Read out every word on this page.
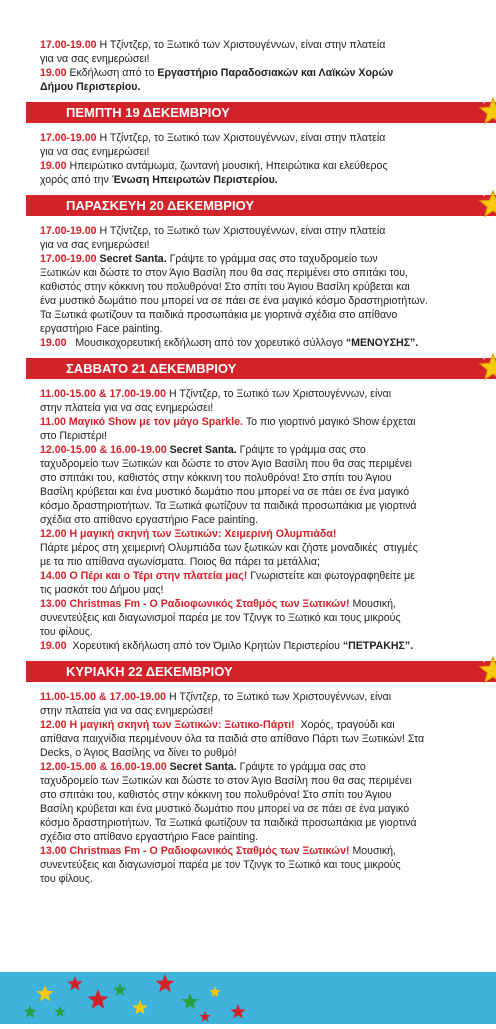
17.00-19.00 Η Τζίντζερ, το Ξωτικό των Χριστουγέννων, είναι στην πλατεία

για να σας ενημερώσει!

19.00 Εκδήλωση από το Εργαστήριο Παραδοσιακών και Λαϊκών Χορών

Δήμου Περιστερίου.

ΠΕΜΠΤΗ 19 ΔΕΚΕΜΒΡΙΟΥ

17.00-19.00 Η Τζίντζερ, το Ξωτικό των Χριστουγέννων, είναι στην πλατεία

για να σας ενημερώσει!

19.00 Ηπειρώτικο αντάμωμα, ζωντανή μουσική, Ηπειρώτικα και ελεύθερος

χορός από την Ένωση Ηπειρωτών Περιστερίου.

ΠΑΡΑΣΚΕΥΗ 20 ΔΕΚΕΜΒΡΙΟΥ

17.00-19.00 Η Τζίντζερ, το Ξωτικό των Χριστουγέννων, είναι στην πλατεία

για να σας ενημερώσει!

17.00-19.00 Secret Santa. Γράψτε το γράμμα σας στο ταχυδρομείο των

Ξωτικών και δώστε το στον Άγιο Βασίλη που θα σας περιμένει στο σπιτάκι του,

καθιστός στην κόκκινη του πολυθρόνα! Στο σπίτι του Άγιου Βασίλη κρύβεται και

ένα μυστικό δωμάτιο που μπορεί να σε πάει σε ένα μαγικό κόσμο δραστηριοτήτων.

Τα Ξωτικά φωτίζουν τα παιδικά προσωπάκια με γιορτινά σχέδια στο απίθανο

εργαστήριο Face painting.

19.00   Μουσικοχορευτική εκδήλωση από τον χορευτικό σύλλογο “ΜΕΝΟΥΣΗΣ”.

ΣΑΒΒΑΤΟ 21 ΔΕΚΕΜΒΡΙΟΥ

11.00-15.00 & 17.00-19.00 Η Τζίντζερ, το Ξωτικό των Χριστουγέννων, είναι

στην πλατεία για να σας ενημερώσει!

11.00 Μαγικό Show με τον μάγο Sparkle. Το πιο γιορτινό μαγικό Show έρχεται

στο Περιστέρι!

12.00-15.00 & 16.00-19.00 Secret Santa. Γράψτε το γράμμα σας στο

ταχυδρομείο των Ξωτικών και δώστε το στον Άγιο Βασίλη που θα σας περιμένει

στο σπιτάκι του, καθιστός στην κόκκινη του πολυθρόνα! Στο σπίτι του Άγιου

Βασίλη κρύβεται και ένα μυστικό δωμάτιο που μπορεί να σε πάει σε ένα μαγικό

κόσμο δραστηριοτήτων. Τα Ξωτικά φωτίζουν τα παιδικά προσωπάκια με γιορτινά

σχέδια στο απίθανο εργαστήριο Face painting.

12.00 Η μαγική σκηνή των Ξωτικών: Χειμερινή Ολυμπιάδα!

Πάρτε μέρος στη χειμερινή Ολυμπιάδα των ξωτικών και ζήστε μοναδικές  στιγμές

με τα πιο απίθανα αγωνίσματα. Ποιος θα πάρει τα μετάλλια;

14.00 Ο Πέρι και ο Τέρι στην πλατεία μας! Γνωριστείτε και φωτογραφηθείτε με

τις μασκότ του Δήμου μας!

13.00 Christmas Fm - Ο Ραδιοφωνικός Σταθμός των Ξωτικών! Μουσική,

συνεντεύξεις και διαγωνισμοί παρέα με τον Τζινγκ το Ξωτικό και τους μικρούς

του φίλους.

19.00  Χορευτική εκδήλωση από τον Όμιλο Κρητών Περιστερίου “ΠΕΤΡΑΚΗΣ”.

ΚΥΡΙΑΚΗ 22 ΔΕΚΕΜΒΡΙΟΥ

11.00-15.00 & 17.00-19.00 Η Τζίντζερ, το Ξωτικό των Χριστουγέννων, είναι

στην πλατεία για να σας ενημερώσει!

12.00 Η μαγική σκηνή των Ξωτικών: Ξωτικο-Πάρτι!  Χορός, τραγούδι και

απίθανα παιχνίδια περιμένουν όλα τα παιδιά στο απίθανο Πάρτι των Ξωτικών! Στα

Decks, ο Άγιος Βασίλης να δίνει το ρυθμό!

12.00-15.00 & 16.00-19.00 Secret Santa. Γράψτε το γράμμα σας στο

ταχυδρομείο των Ξωτικών και δώστε το στον Άγιο Βασίλη που θα σας περιμένει

στο σπιτάκι του, καθιστός στην κόκκινη του πολυθρόνα! Στο σπίτι του Άγιου

Βασίλη κρύβεται και ένα μυστικό δωμάτιο που μπορεί να σε πάει σε ένα μαγικό

κόσμο δραστηριοτήτων. Τα Ξωτικά φωτίζουν τα παιδικά προσωπάκια με γιορτινά

σχέδια στο απίθανο εργαστήριο Face painting.

13.00 Christmas Fm - Ο Ραδιοφωνικός Σταθμός των Ξωτικών! Μουσική,

συνεντεύξεις και διαγωνισμοί παρέα με τον Τζινγκ το Ξωτικό και τους μικρούς

του φίλους.
